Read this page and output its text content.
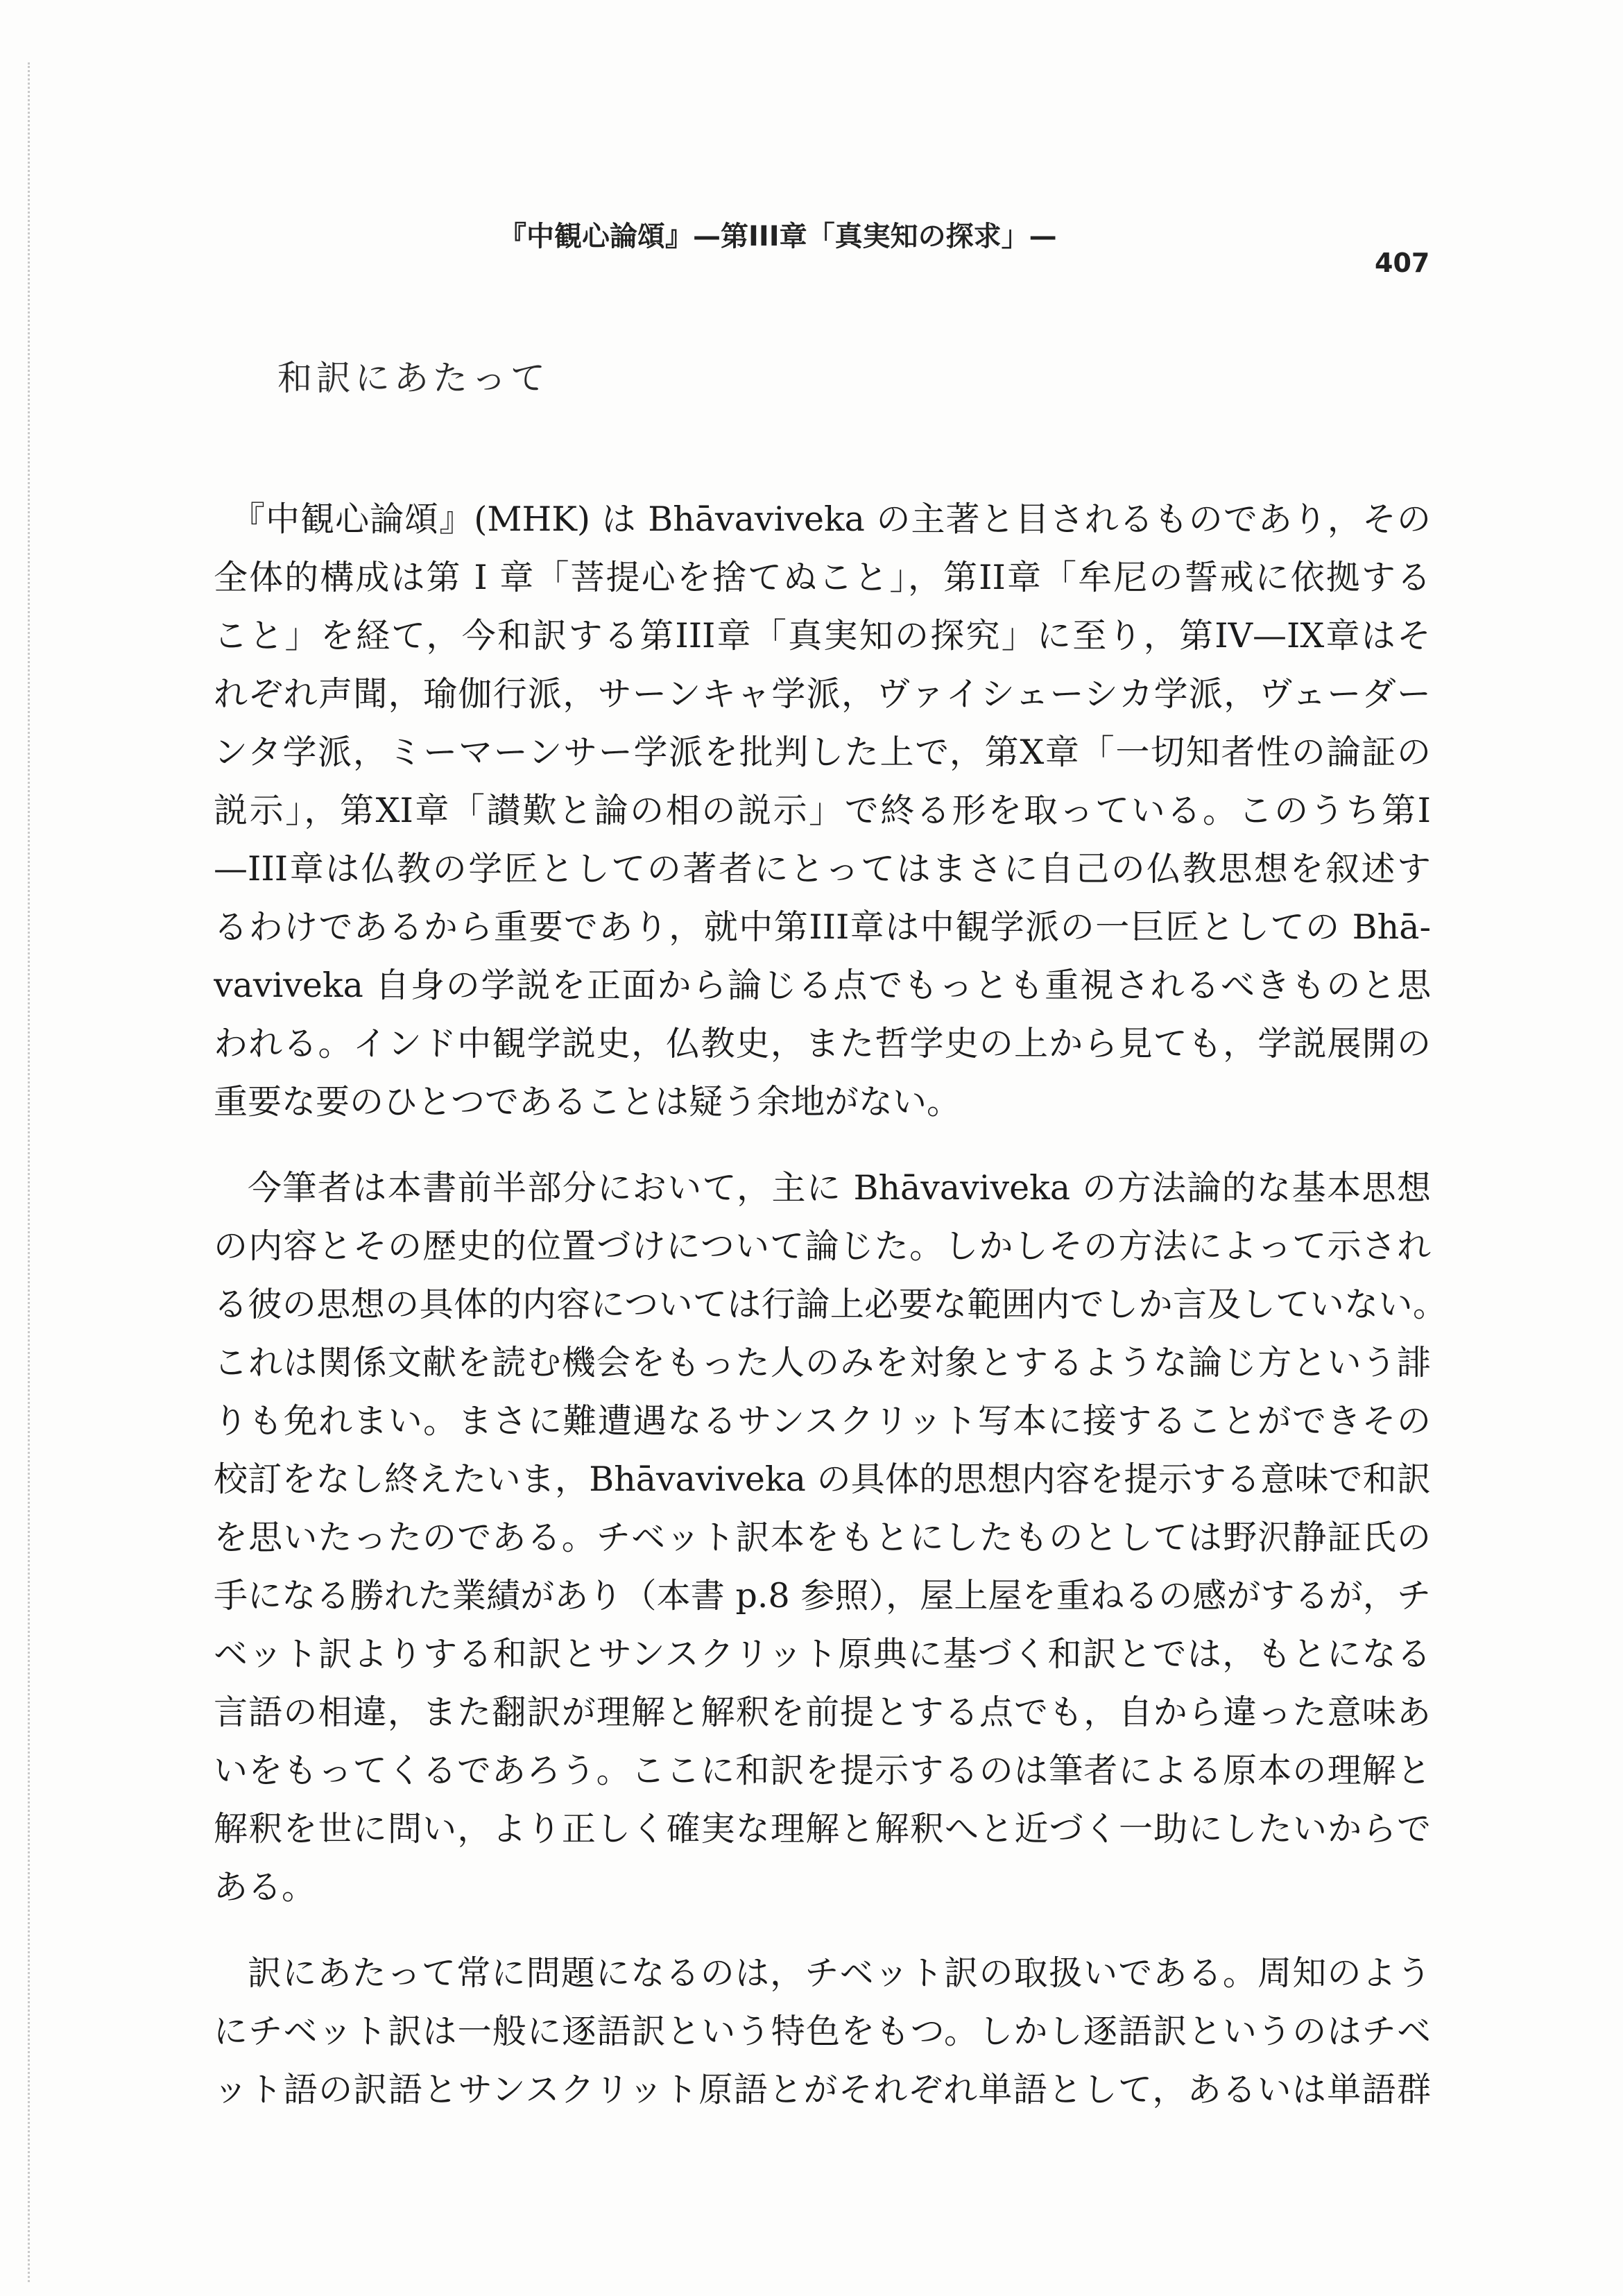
『中観心論頌』—第III章「真実知の探求」—
407
和訳にあたって
『中観心論頌』(MHK) は Bhāvaviveka の主著と目されるものであり，その
全体的構成は第 I 章「菩提心を捨てぬこと」，第II章「牟尼の誓戒に依拠する
こと」を経て，今和訳する第III章「真実知の探究」に至り，第IV—IX章はそ
れぞれ声聞，瑜伽行派，サーンキャ学派，ヴァイシェーシカ学派，ヴェーダー
ンタ学派，ミーマーンサー学派を批判した上で，第X章「一切知者性の論証の
説示」，第XI章「讃歎と論の相の説示」で終る形を取っている。このうち第I
—III章は仏教の学匠としての著者にとってはまさに自己の仏教思想を叙述す
るわけであるから重要であり，就中第III章は中観学派の一巨匠としての Bhā-
vaviveka 自身の学説を正面から論じる点でもっとも重視されるべきものと思
われる。インド中観学説史，仏教史，また哲学史の上から見ても，学説展開の
重要な要のひとつであることは疑う余地がない。
今筆者は本書前半部分において，主に Bhāvaviveka の方法論的な基本思想
の内容とその歴史的位置づけについて論じた。しかしその方法によって示され
る彼の思想の具体的内容については行論上必要な範囲内でしか言及していない。
これは関係文献を読む機会をもった人のみを対象とするような論じ方という誹
りも免れまい。まさに難遭遇なるサンスクリット写本に接することができその
校訂をなし終えたいま，Bhāvaviveka の具体的思想内容を提示する意味で和訳
を思いたったのである。チベット訳本をもとにしたものとしては野沢静証氏の
手になる勝れた業績があり（本書 p.8 参照），屋上屋を重ねるの感がするが，チ
ベット訳よりする和訳とサンスクリット原典に基づく和訳とでは，もとになる
言語の相違，また翻訳が理解と解釈を前提とする点でも，自から違った意味あ
いをもってくるであろう。ここに和訳を提示するのは筆者による原本の理解と
解釈を世に問い，より正しく確実な理解と解釈へと近づく一助にしたいからで
ある。
訳にあたって常に問題になるのは，チベット訳の取扱いである。周知のよう
にチベット訳は一般に逐語訳という特色をもつ。しかし逐語訳というのはチベ
ット語の訳語とサンスクリット原語とがそれぞれ単語として，あるいは単語群
